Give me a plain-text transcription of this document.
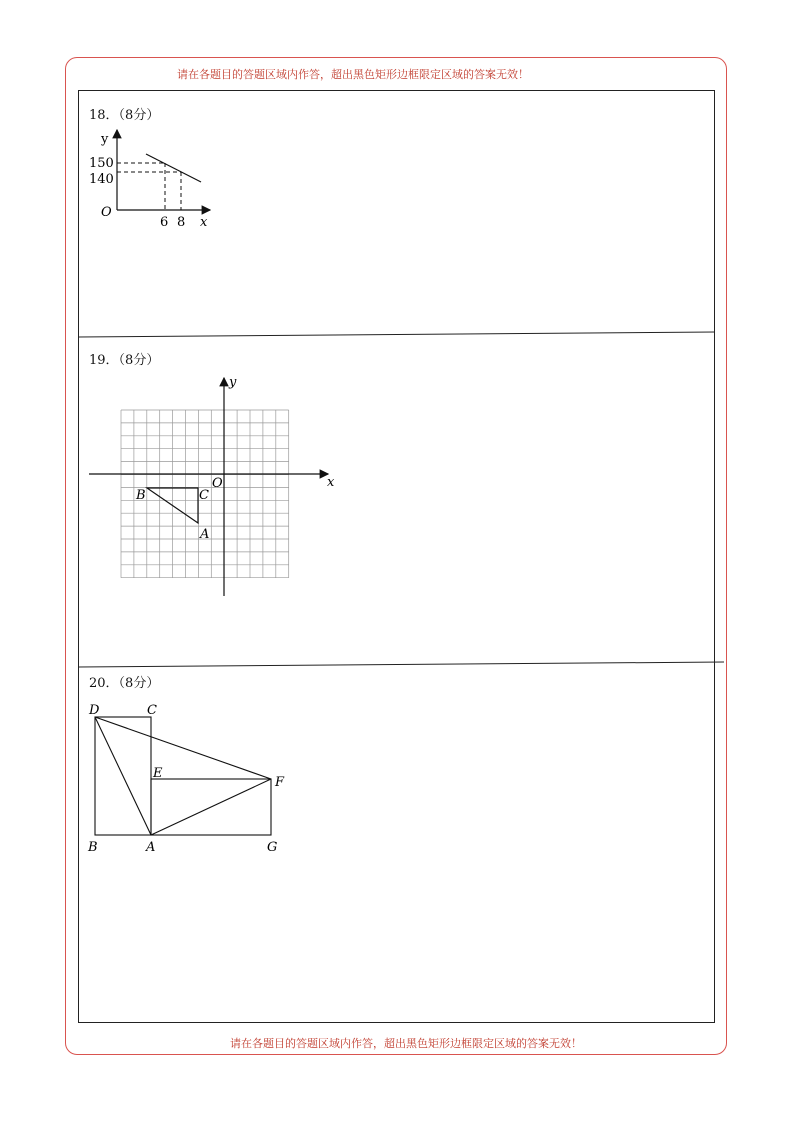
请在各题目的答题区域内作答，超出黑色矩形边框限定区域的答案无效！
请在各题目的答题区域内作答，超出黑色矩形边框限定区域的答案无效！
18．（8分）
19．（8分）
20．（8分）
y
150
140
O
6 8 x
y
x
O
B	C
A
D	C
E
F
B	A	G
